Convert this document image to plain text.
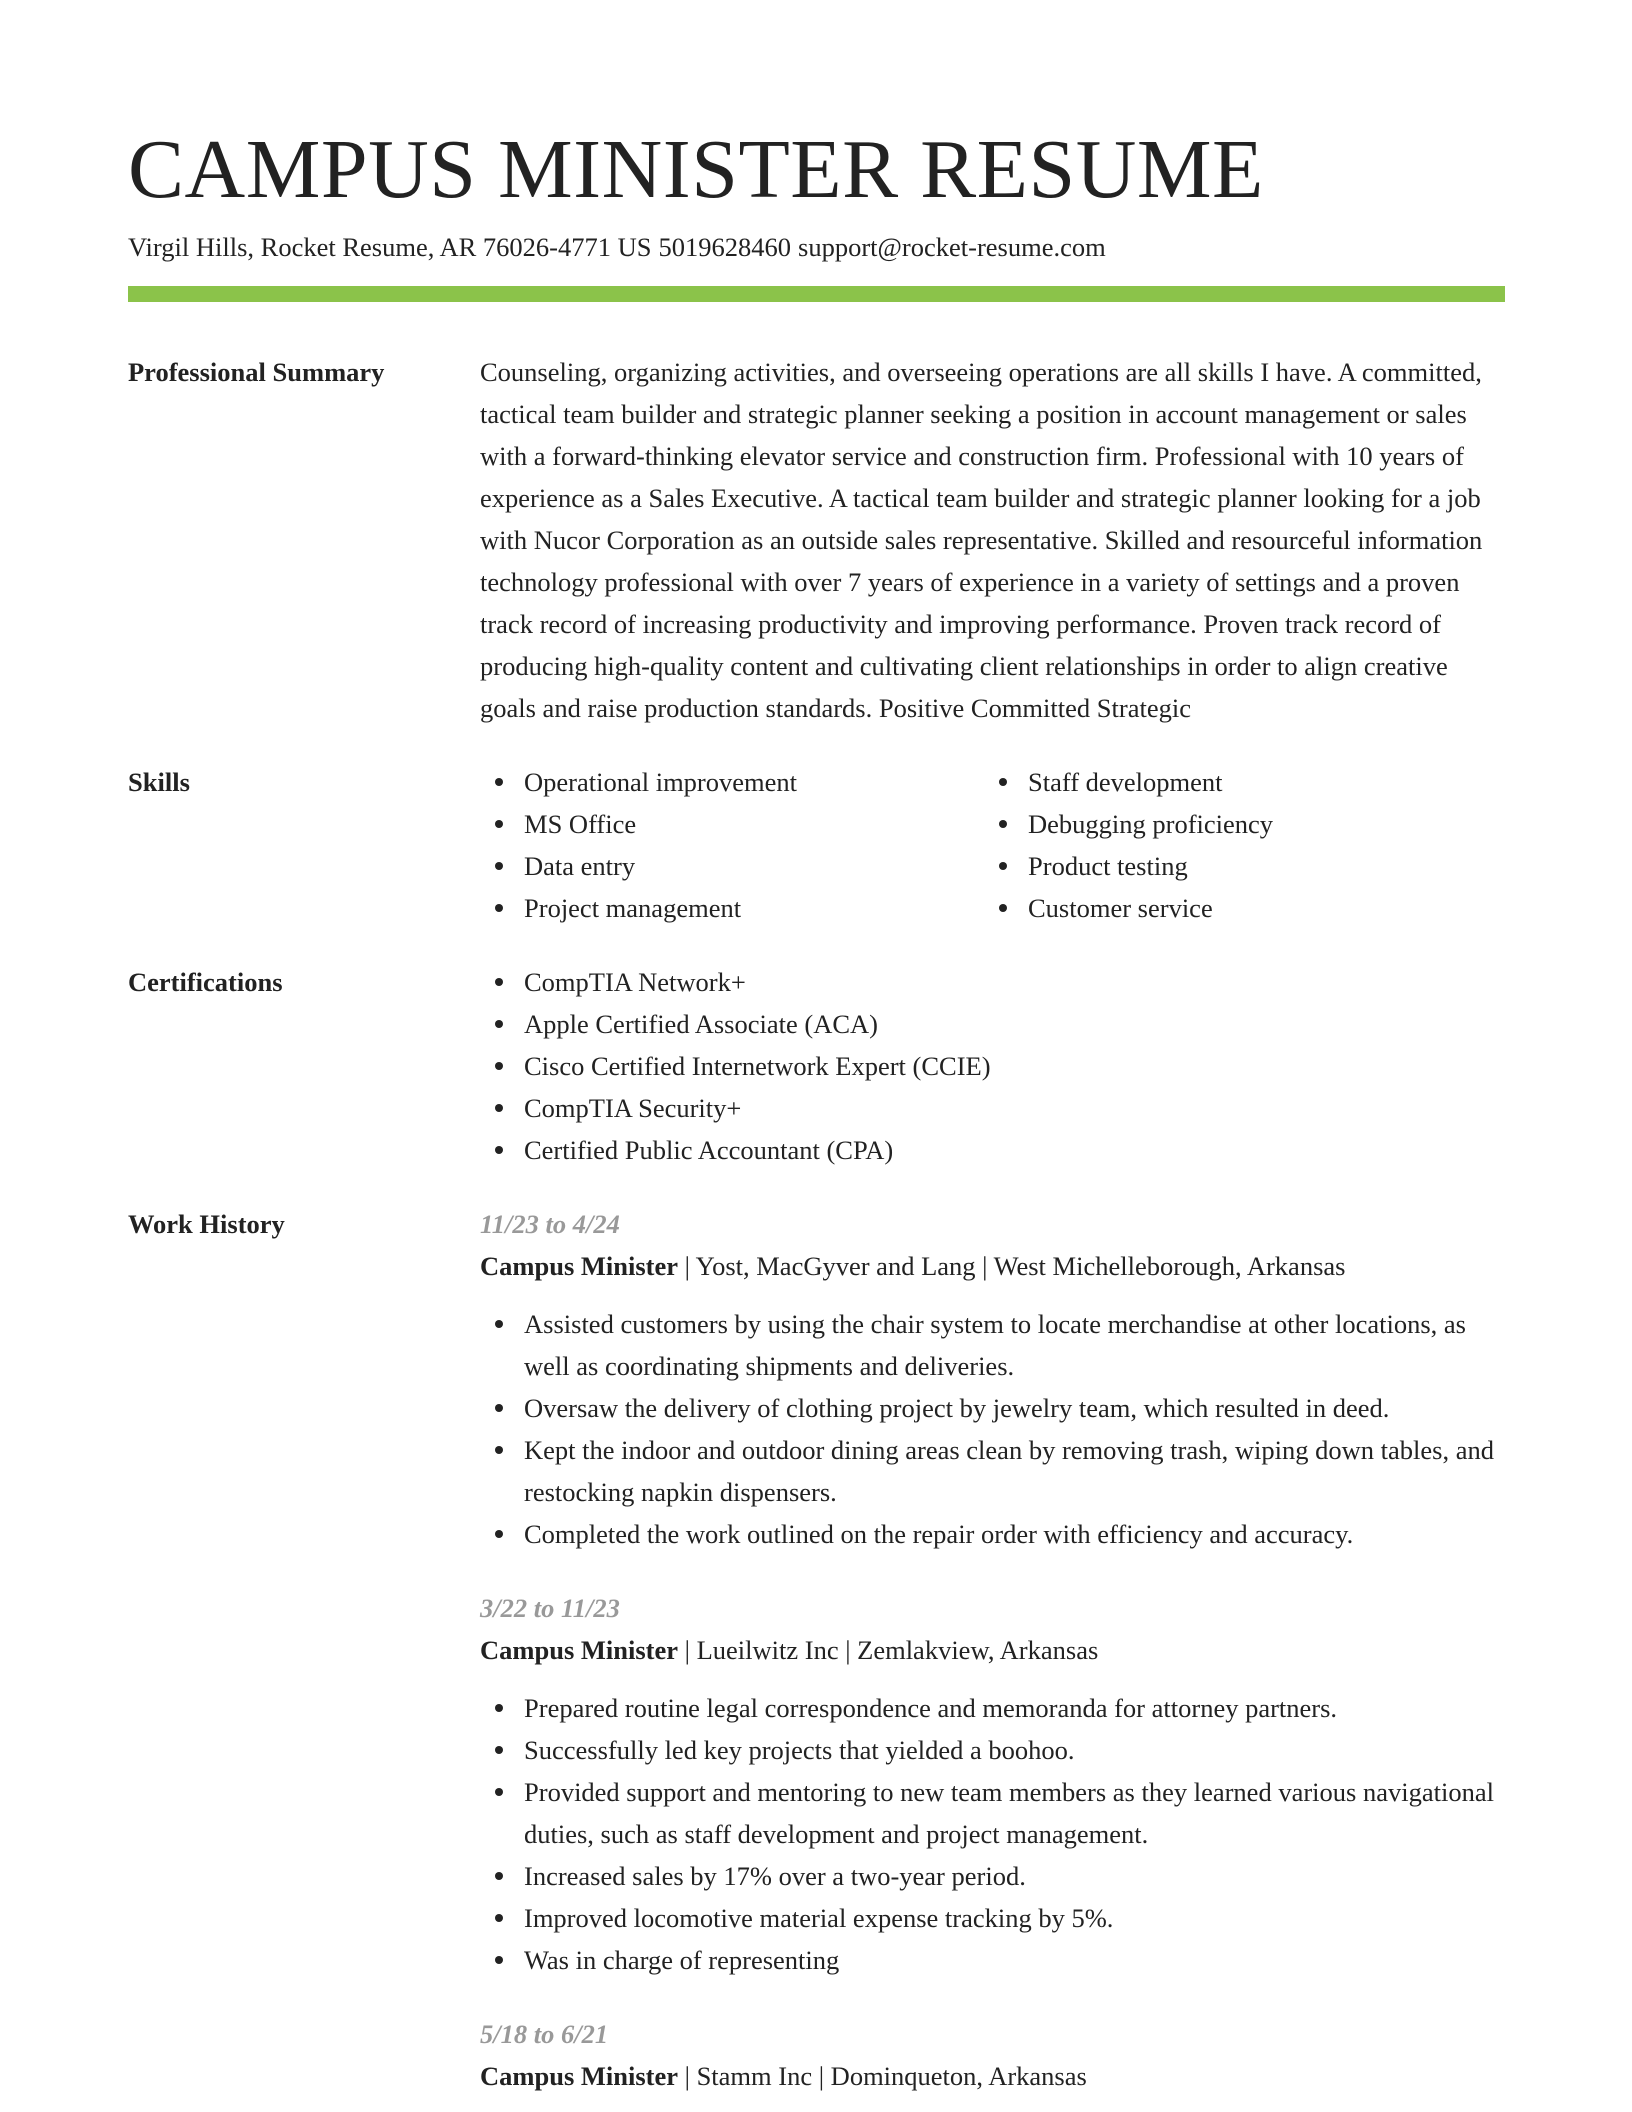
CAMPUS MINISTER RESUME
Virgil Hills, Rocket Resume, AR 76026-4771 US 5019628460 support@rocket-resume.com
Professional Summary	Counseling, organizing activities, and overseeing operations are all skills I have. A committed, tactical team builder and strategic planner seeking a position in account management or sales with a forward-thinking elevator service and construction firm. Professional with 10 years of experience as a Sales Executive. A tactical team builder and strategic planner looking for a job with Nucor Corporation as an outside sales representative. Skilled and resourceful information technology professional with over 7 years of experience in a variety of settings and a proven track record of increasing productivity and improving performance. Proven track record of producing high-quality content and cultivating client relationships in order to align creative goals and raise production standards. Positive Committed Strategic
Skills	Operational improvement
MS Office
Data entry
Project management
Staff development
Debugging proficiency
Product testing
Customer service
Certifications	CompTIA Network+
Apple Certified Associate (ACA)
Cisco Certified Internetwork Expert (CCIE)
CompTIA Security+
Certified Public Accountant (CPA)
Work History	11/23 to 4/24
Campus Minister | Yost, MacGyver and Lang | West Michelleborough, Arkansas
Assisted customers by using the chair system to locate merchandise at other locations, as well as coordinating shipments and deliveries.
Oversaw the delivery of clothing project by jewelry team, which resulted in deed.
Kept the indoor and outdoor dining areas clean by removing trash, wiping down tables, and restocking napkin dispensers.
Completed the work outlined on the repair order with efficiency and accuracy.
3/22 to 11/23
Campus Minister | Lueilwitz Inc | Zemlakview, Arkansas
Prepared routine legal correspondence and memoranda for attorney partners.
Successfully led key projects that yielded a boohoo.
Provided support and mentoring to new team members as they learned various navigational duties, such as staff development and project management.
Increased sales by 17% over a two-year period.
Improved locomotive material expense tracking by 5%.
Was in charge of representing
5/18 to 6/21
Campus Minister | Stamm Inc | Dominqueton, Arkansas
